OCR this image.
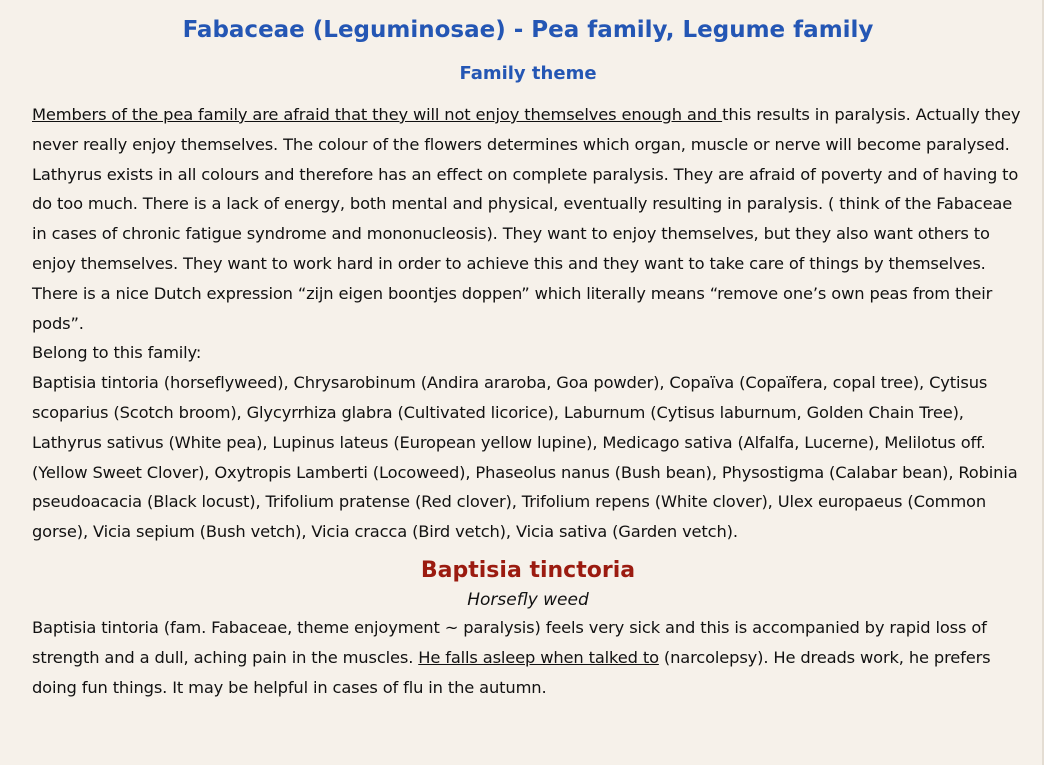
Fabaceae (Leguminosae) - Pea family, Legume family
Family theme

Members of the pea family are afraid that they will not enjoy themselves enough and this results in paralysis. Actually they never really enjoy themselves. The colour of the flowers determines which organ, muscle or nerve will become paralysed. Lathyrus exists in all colours and therefore has an effect on complete paralysis. They are afraid of poverty and of having to do too much. There is a lack of energy, both mental and physical, eventually resulting in paralysis. ( think of the Fabaceae in cases of chronic fatigue syndrome and mononucleosis). They want to enjoy themselves, but they also want others to enjoy themselves. They want to work hard in order to achieve this and they want to take care of things by themselves. There is a nice Dutch expression “zijn eigen boontjes doppen” which literally means “remove one’s own peas from their pods”.

Belong to this family:

Baptisia tintoria (horseflyweed), Chrysarobinum (Andira araroba, Goa powder), Copaïva (Copaïfera, copal tree), Cytisus scoparius (Scotch broom), Glycyrrhiza glabra (Cultivated licorice), Laburnum (Cytisus laburnum, Golden Chain Tree), Lathyrus sativus (White pea), Lupinus lateus (European yellow lupine), Medicago sativa (Alfalfa, Lucerne), Melilotus off. (Yellow Sweet Clover), Oxytropis Lamberti (Locoweed), Phaseolus nanus (Bush bean), Physostigma (Calabar bean), Robinia pseudoacacia (Black locust), Trifolium pratense (Red clover), Trifolium repens (White clover), Ulex europaeus (Common gorse), Vicia sepium (Bush vetch), Vicia cracca (Bird vetch), Vicia sativa (Garden vetch).

Baptisia tinctoria

Horsefly weed

Baptisia tintoria (fam. Fabaceae, theme enjoyment ~ paralysis) feels very sick and this is accompanied by rapid loss of strength and a dull, aching pain in the muscles. He falls asleep when talked to (narcolepsy). He dreads work, he prefers doing fun things. It may be helpful in cases of flu in the autumn.
